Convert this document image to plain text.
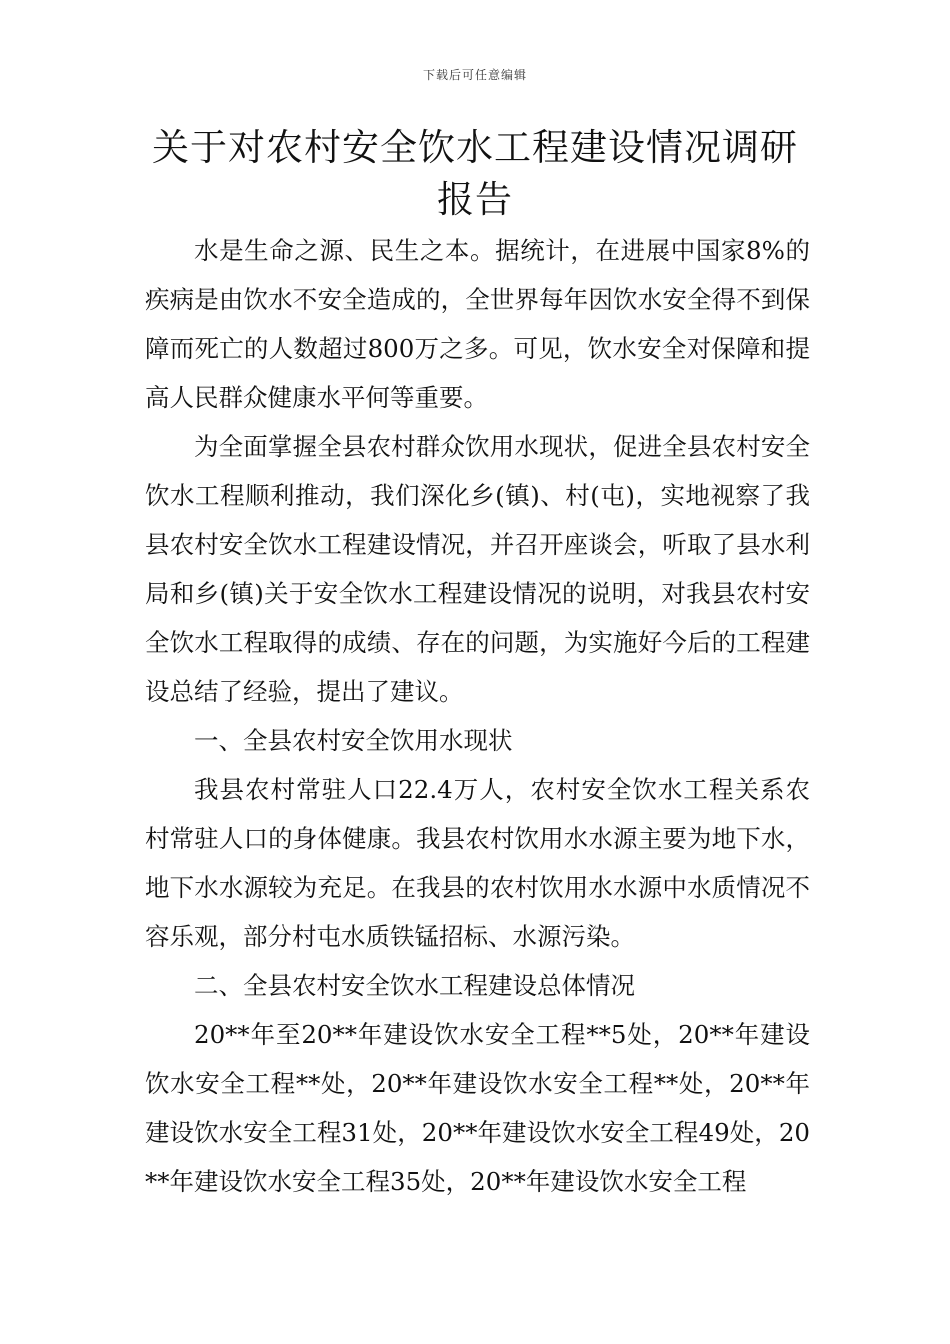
下载后可任意编辑
关于对农村安全饮水工程建设情况调研报告

水是生命之源、民生之本。据统计，在进展中国家8%的疾病是由饮水不安全造成的，全世界每年因饮水安全得不到保障而死亡的人数超过800万之多。可见，饮水安全对保障和提高人民群众健康水平何等重要。

为全面掌握全县农村群众饮用水现状，促进全县农村安全饮水工程顺利推动，我们深化乡(镇)、村(屯)，实地视察了我县农村安全饮水工程建设情况，并召开座谈会，听取了县水利局和乡(镇)关于安全饮水工程建设情况的说明，对我县农村安全饮水工程取得的成绩、存在的问题，为实施好今后的工程建设总结了经验，提出了建议。

一、全县农村安全饮用水现状

我县农村常驻人口22.4万人，农村安全饮水工程关系农村常驻人口的身体健康。我县农村饮用水水源主要为地下水，地下水水源较为充足。在我县的农村饮用水水源中水质情况不容乐观，部分村屯水质铁锰招标、水源污染。

二、全县农村安全饮水工程建设总体情况

20**年至20**年建设饮水安全工程**5处，20**年建设饮水安全工程**处，20**年建设饮水安全工程**处，20**年建设饮水安全工程31处，20**年建设饮水安全工程49处，20**年建设饮水安全工程35处，20**年建设饮水安全工程
